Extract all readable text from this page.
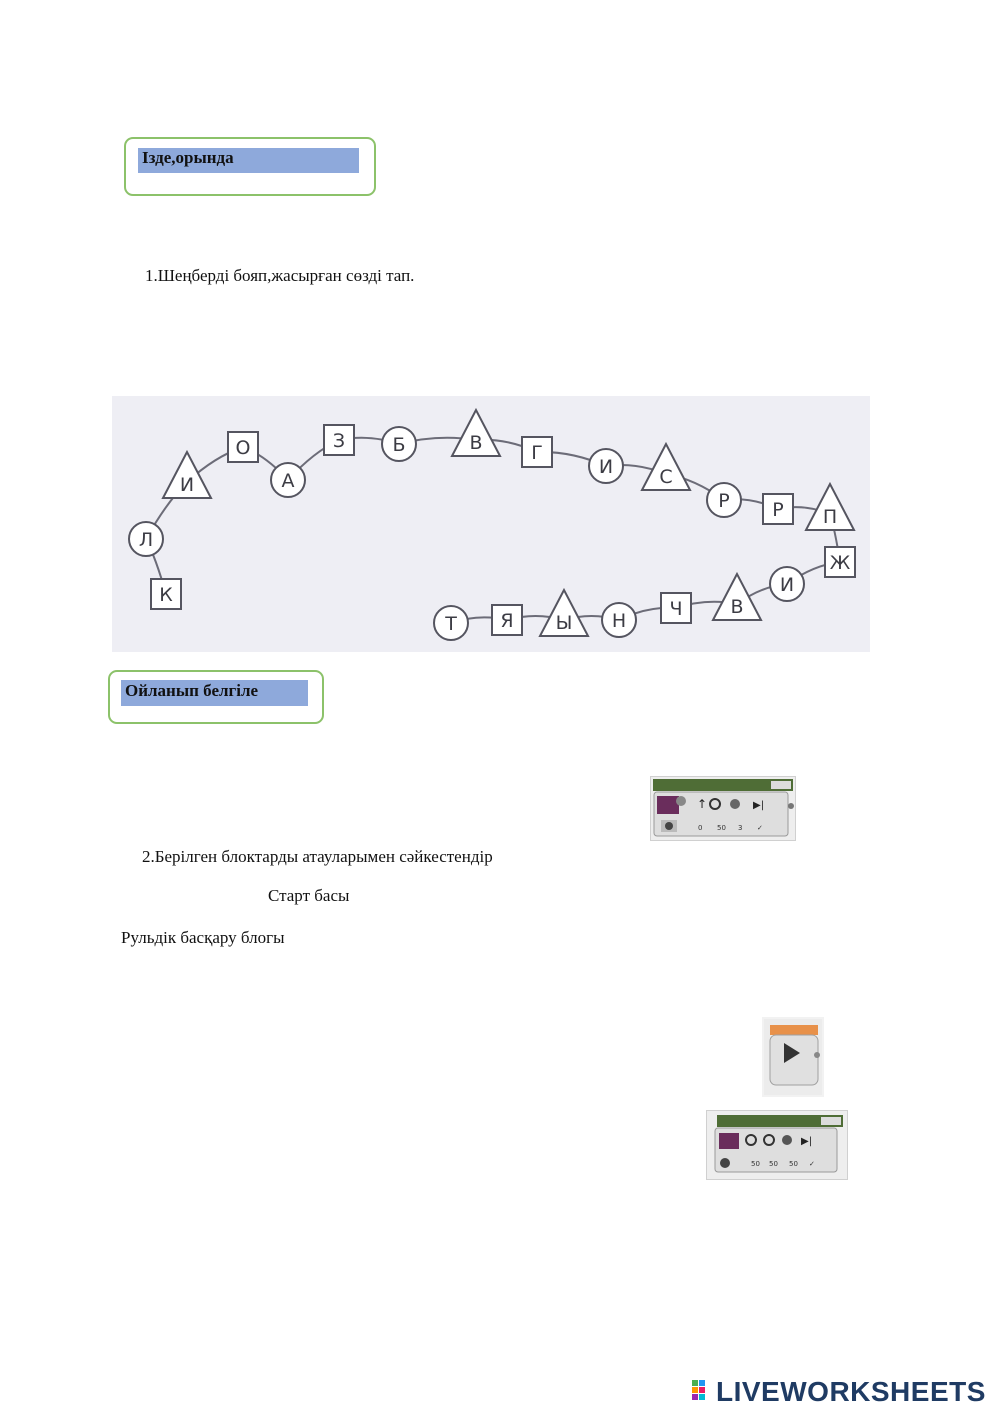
Ізде,орында
1.Шеңберді бояп,жасырған сөзді тап.
К
Л
И
О
А
З Б	В	Г
И С
Р Р П
Ж
И
В
Ч
Н
Ы
Я
Т
Ойланып белгіле
2.Берілген блоктарды атауларымен сәйкестендір
Старт басы
Рульдік басқару блогы
↑	▶|
0 50 3 ✓
▶|
50 50 50 ✓
LIVEWORKSHEETS
